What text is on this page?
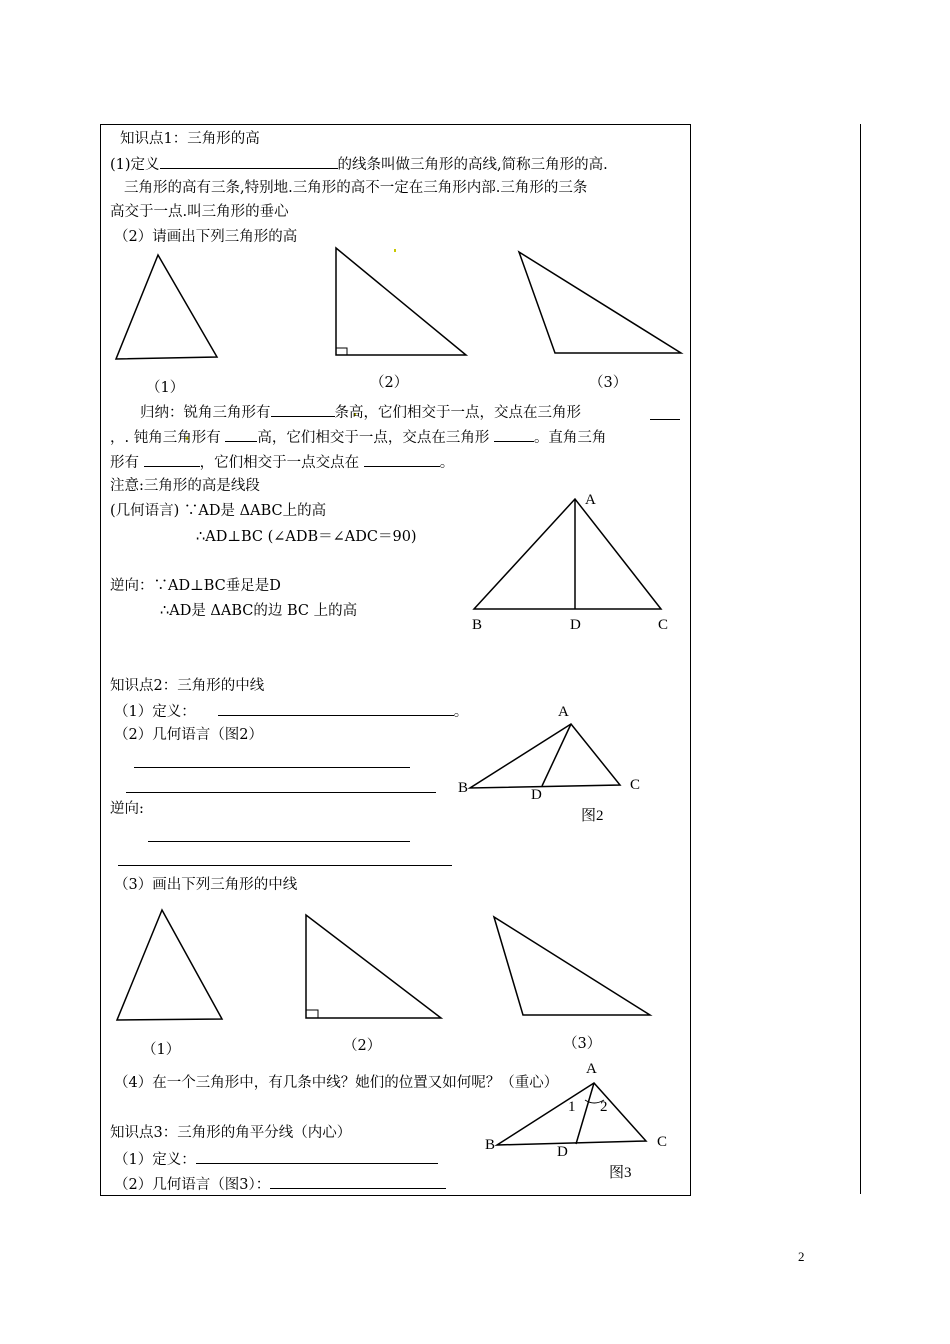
知识点1：三角形的高
(1)定义	的线条叫做三角形的高线,简称三角形的高.
三角形的高有三条,特别地.三角形的高不一定在三角形内部.三角形的三条
高交于一点.叫三角形的垂心
（2）请画出下列三角形的高
（1）	（2）	（3）
归纳：锐角三角形有	条高，它们相交于一点，交点在三角形
，. 钝角三角形有	高，它们相交于一点，交点在三角形	。直角三角
形有	，它们相交于一点交点在	。
注意:三角形的高是线段
(几何语言) ∵AD是 ΔABC上的高
∴AD⊥BC (∠ADB＝∠ADC＝90)
逆向：∵AD⊥BC垂足是D
∴AD是 ΔABC的边 BC 上的高
A
B	D	C
知识点2：三角形的中线
（1）定义：	。
（2）几何语言（图2）
逆向:
A
B	D
C
图2
（3）画出下列三角形的中线
（1）	（2）	（3）
（4）在一个三角形中，有几条中线？她们的位置又如何呢？（重心）
知识点3：三角形的角平分线（内心）
（1）定义：
（2）几何语言（图3）：
A
1 2
B	D
C
图3
2
